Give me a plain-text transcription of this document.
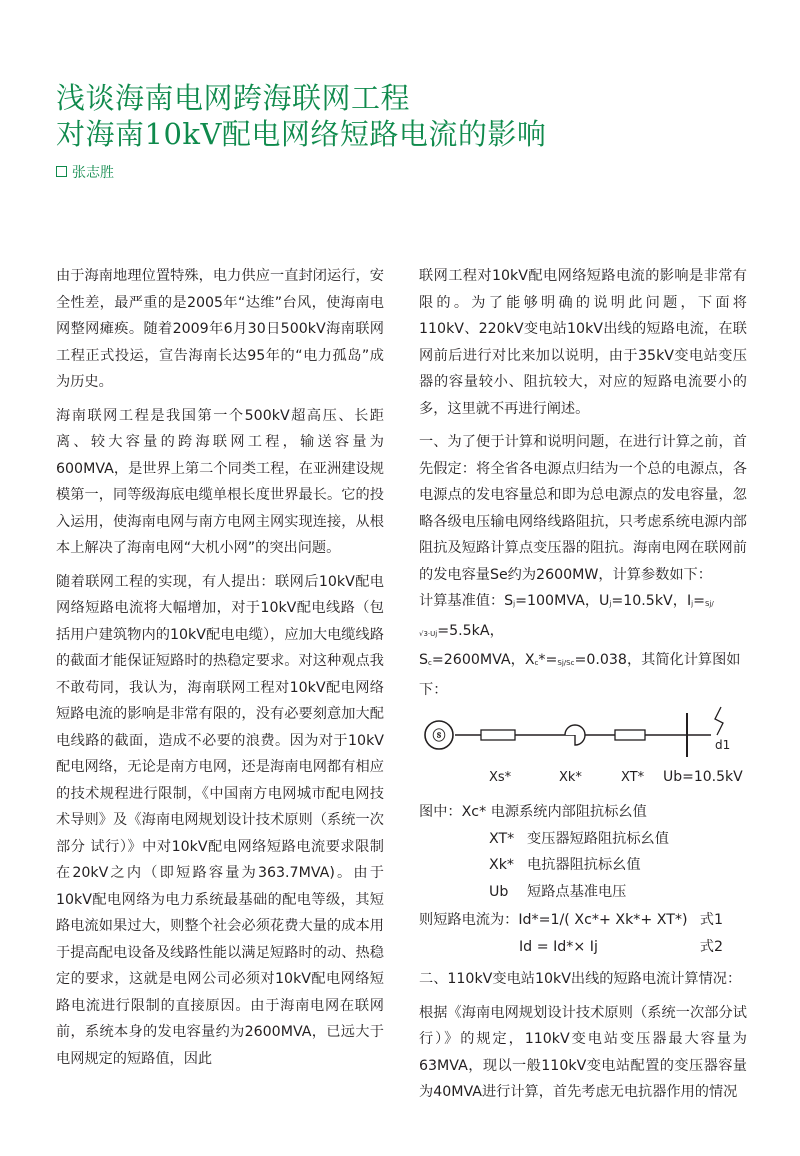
浅谈海南电网跨海联网工程
对海南10kV配电网络短路电流的影响
张志胜

由于海南地理位置特殊，电力供应一直封闭运行，安全性差，最严重的是2005年“达维”台风，使海南电网整网瘫痪。随着2009年6月30日500kV海南联网工程正式投运，宣告海南长达95年的“电力孤岛”成为历史。

海南联网工程是我国第一个500kV超高压、长距离、较大容量的跨海联网工程，输送容量为600MVA，是世界上第二个同类工程，在亚洲建设规模第一，同等级海底电缆单根长度世界最长。它的投入运用，使海南电网与南方电网主网实现连接，从根本上解决了海南电网“大机小网”的突出问题。

随着联网工程的实现，有人提出：联网后10kV配电网络短路电流将大幅增加，对于10kV配电线路（包括用户建筑物内的10kV配电电缆），应加大电缆线路的截面才能保证短路时的热稳定要求。对这种观点我不敢苟同，我认为，海南联网工程对10kV配电网络短路电流的影响是非常有限的，没有必要刻意加大配电线路的截面，造成不必要的浪费。因为对于10kV配电网络，无论是南方电网，还是海南电网都有相应的技术规程进行限制，《中国南方电网城市配电网技术导则》及《海南电网规划设计技术原则（系统一次部分 试行）》中对10kV配电网络短路电流要求限制在20kV之内（即短路容量为363.7MVA)。由于10kV配电网络为电力系统最基础的配电等级，其短路电流如果过大，则整个社会必须花费大量的成本用于提高配电设备及线路性能以满足短路时的动、热稳定的要求，这就是电网公司必须对10kV配电网络短路电流进行限制的直接原因。由于海南电网在联网前，系统本身的发电容量约为2600MVA，已远大于电网规定的短路值，因此

联网工程对10kV配电网络短路电流的影响是非常有限的。为了能够明确的说明此问题，下面将110kV、220kV变电站10kV出线的短路电流，在联网前后进行对比来加以说明，由于35kV变电站变压器的容量较小、阻抗较大，对应的短路电流要小的多，这里就不再进行阐述。

一、为了便于计算和说明问题，在进行计算之前，首先假定：将全省各电源点归结为一个总的电源点，各电源点的发电容量总和即为总电源点的发电容量，忽略各级电压输电网络线路阻抗，只考虑系统电源内部阻抗及短路计算点变压器的阻抗。海南电网在联网前的发电容量Se约为2600MW，计算参数如下：

计算基准值：Sj=100MVA，Uj=10.5kV，Ij=Sj/√3·Uj=5.5kA，
Sc=2600MVA，Xc*=Sj/Sc=0.038，其简化计算图如下：
ⓢ
d1
Xs*	Xk*	XT* Ub=10.5kV
图中：Xc* 电源系统内部阻抗标幺值
XT* 变压器短路阻抗标幺值
Xk* 电抗器阻抗标幺值
Ub 短路点基准电压
则短路电流为：Id*=1/( Xc*+ Xk*+ XT*) 式1
Id = Id*× Ij	式2

二、110kV变电站10kV出线的短路电流计算情况：

根据《海南电网规划设计技术原则（系统一次部分试行）》的规定，110kV变电站变压器最大容量为63MVA，现以一般110kV变电站配置的变压器容量为40MVA进行计算，首先考虑无电抗器作用的情况
